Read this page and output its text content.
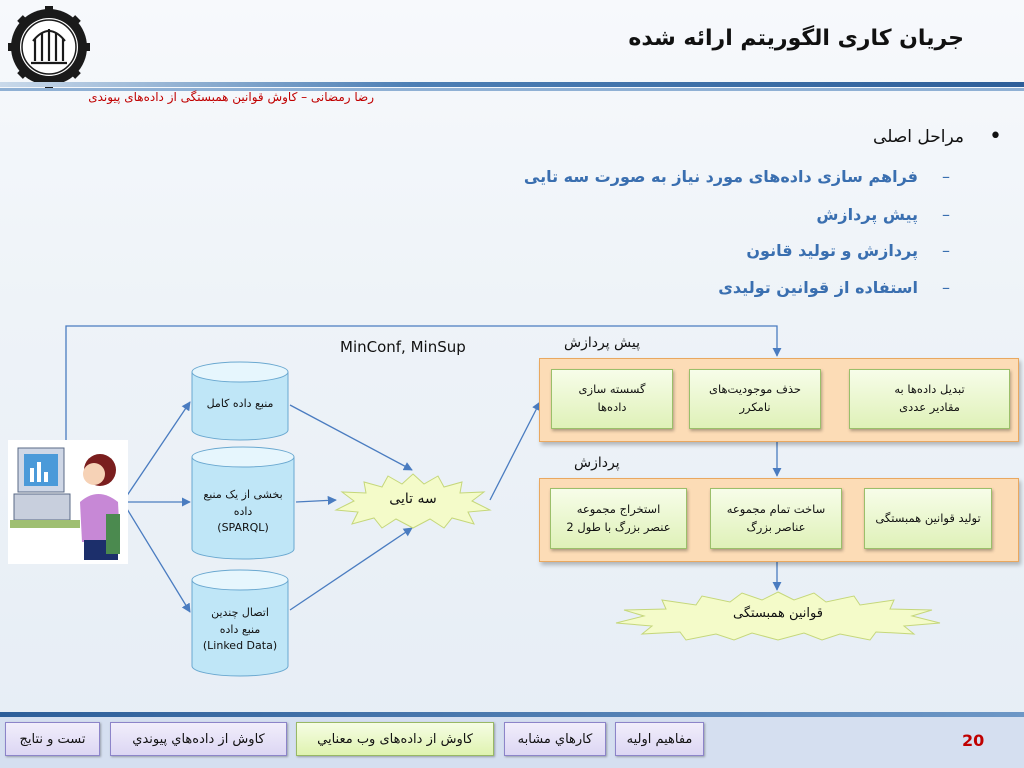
جریان کاری الگوریتم ارائه شده
رضا رمضانی – کاوش قوانین همبستگی از داده‌های پیوندی
•
مراحل اصلی
–
فراهم سازی داده‌های مورد نیاز به صورت سه تایی
–
پیش پردازش
–
پردازش و تولید قانون
–
استفاده از قوانین تولیدی
منبع داده کامل
بخشی از یک منبع
داده
(SPARQL)
اتصال چندین
منبع داده
(Linked Data)
سه تایی
MinConf, MinSup	پیش پردازش
پردازش
گسسته سازی
داده‌ها
حذف موجودیت‌های
نامکرر
تبدیل داده‌ها به
مقادیر عددی
استخراج مجموعه
عنصر بزرگ با طول 2
ساخت تمام مجموعه
عناصر بزرگ
تولید قوانین همبستگی
قوانین همبستگی
تست و نتايج	كاوش از داده‌هاي پيوندي	كاوش از داده‌های وب معنايي	كارهاي مشابه	مفاهيم اوليه	20
